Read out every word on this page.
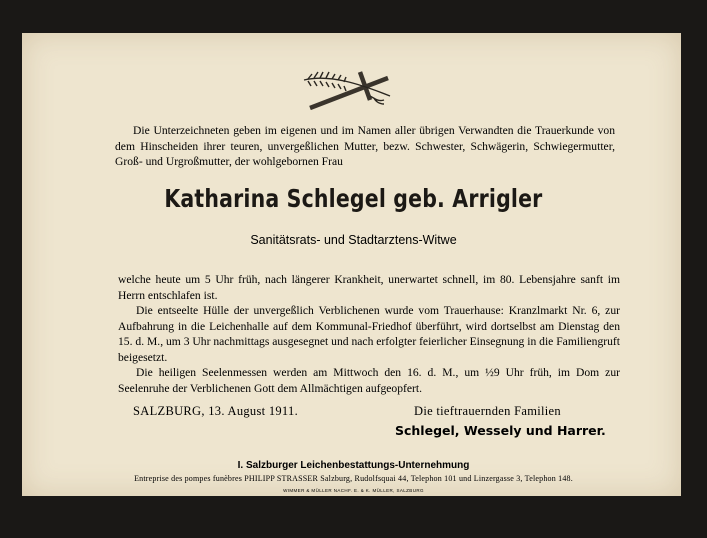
Die Unterzeichneten geben im eigenen und im Namen aller übrigen Verwandten die Trauerkunde von dem Hinscheiden ihrer teuren, unvergeßlichen Mutter, bezw. Schwester, Schwägerin, Schwiegermutter, Groß- und Urgroßmutter, der wohlgebornen Frau
Katharina Schlegel geb. Arrigler
Sanitätsrats- und Stadtarztens-Witwe

welche heute um 5 Uhr früh, nach längerer Krankheit, unerwartet schnell, im 80. Lebensjahre sanft im Herrn entschlafen ist.

Die entseelte Hülle der unvergeßlich Verblichenen wurde vom Trauerhause: Kranzlmarkt Nr. 6, zur Aufbahrung in die Leichenhalle auf dem Kommunal-Friedhof überführt, wird dortselbst am Dienstag den 15. d. M., um 3 Uhr nachmittags ausgesegnet und nach erfolgter feierlicher Einsegnung in die Familiengruft beigesetzt.

Die heiligen Seelenmessen werden am Mittwoch den 16. d. M., um ½9 Uhr früh, im Dom zur Seelenruhe der Verblichenen Gott dem Allmächtigen aufgeopfert.

SALZBURG, 13. August 1911.	Die tieftrauernden Familien
Schlegel, Wessely und Harrer.
I. Salzburger Leichenbestattungs-Unternehmung
Entreprise des pompes funèbres PHILIPP STRASSER Salzburg, Rudolfsquai 44, Telephon 101 und Linzergasse 3, Telephon 148.
WIMMER & MÜLLER NACHF. E. & K. MÜLLER, SALZBURG
